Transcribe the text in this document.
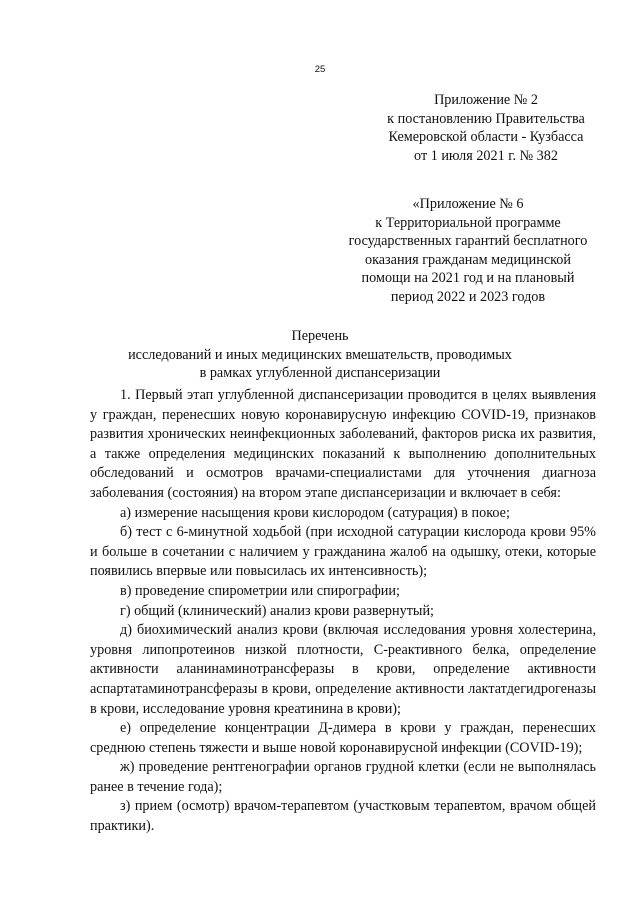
25
Приложение № 2
к постановлению Правительства
Кемеровской области - Кузбасса
от 1 июля 2021 г. № 382
«Приложение № 6
к Территориальной программе
государственных гарантий бесплатного
оказания гражданам медицинской
помощи на 2021 год и на плановый
период 2022 и 2023 годов
Перечень
исследований и иных медицинских вмешательств, проводимых
в рамках углубленной диспансеризации

1. Первый этап углубленной диспансеризации проводится в целях выявления у граждан, перенесших новую коронавирусную инфекцию COVID-19, признаков развития хронических неинфекционных заболеваний, факторов риска их развития, а также определения медицинских показаний к выполнению дополнительных обследований и осмотров врачами-специалистами для уточнения диагноза заболевания (состояния) на втором этапе диспансеризации и включает в себя:

а) измерение насыщения крови кислородом (сатурация) в покое;

б) тест с 6-минутной ходьбой (при исходной сатурации кислорода крови 95% и больше в сочетании с наличием у гражданина жалоб на одышку, отеки, которые появились впервые или повысилась их интенсивность);

в) проведение спирометрии или спирографии;

г) общий (клинический) анализ крови развернутый;

д) биохимический анализ крови (включая исследования уровня холестерина, уровня липопротеинов низкой плотности, С-реактивного белка, определение активности аланинаминотрансферазы в крови, определение активности аспартатаминотрансферазы в крови, определение активности лактатдегидрогеназы в крови, исследование уровня креатинина в крови);

е) определение концентрации Д-димера в крови у граждан, перенесших среднюю степень тяжести и выше новой коронавирусной инфекции (COVID-19);

ж) проведение рентгенографии органов грудной клетки (если не выполнялась ранее в течение года);

з) прием (осмотр) врачом-терапевтом (участковым терапевтом, врачом общей практики).
